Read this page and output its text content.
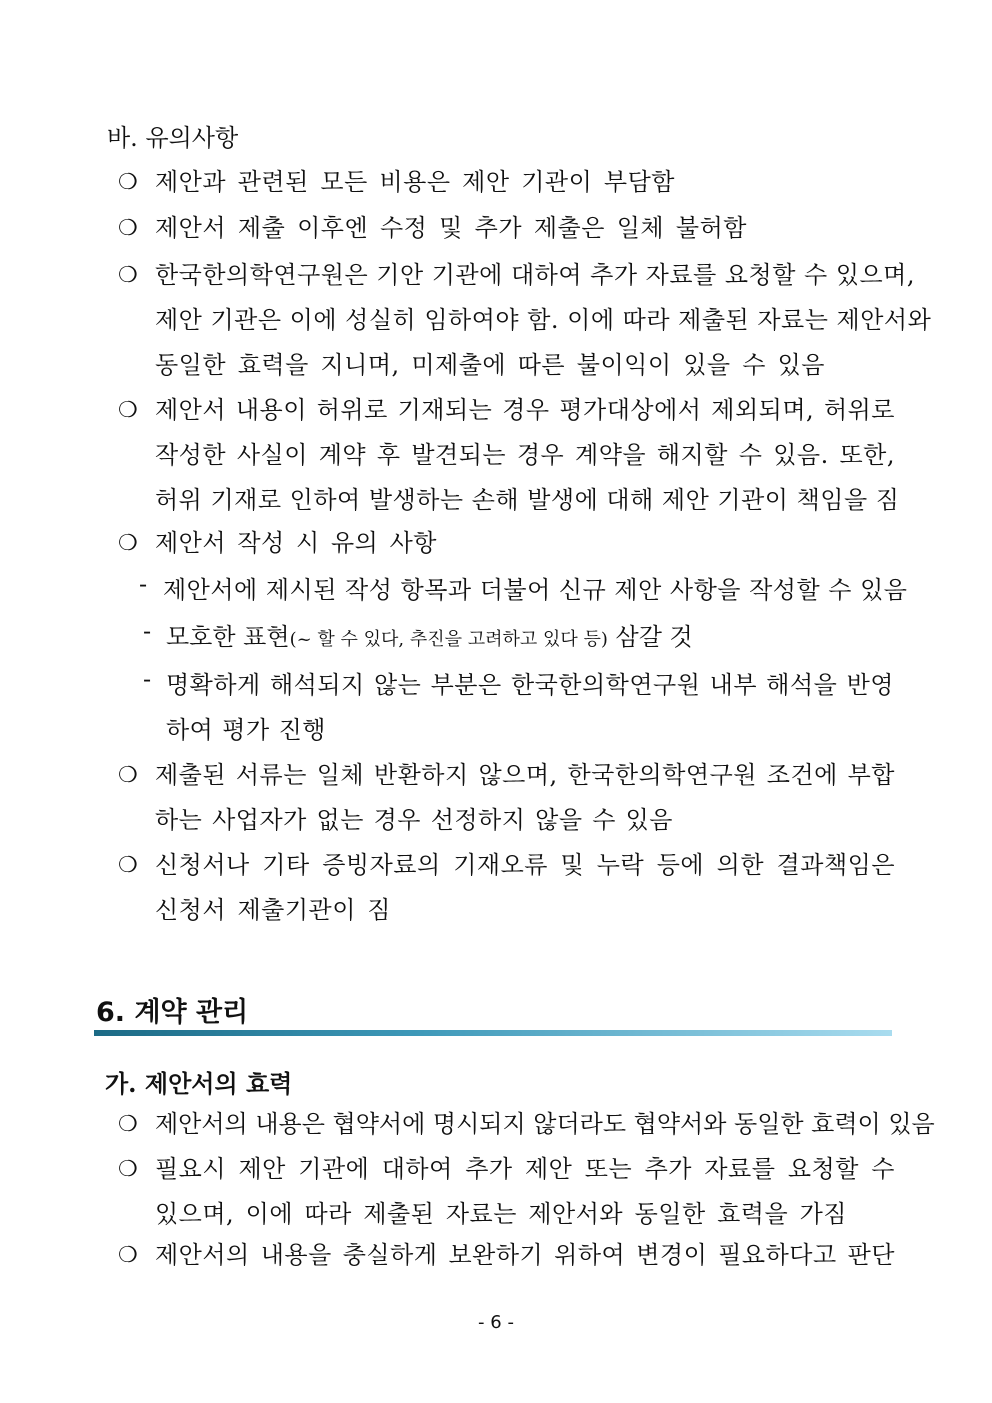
바. 유의사항
❍ 제안과 관련된 모든 비용은 제안 기관이 부담함
❍ 제안서 제출 이후엔 수정 및 추가 제출은 일체 불허함
❍ 한국한의학연구원은 기안 기관에 대하여 추가 자료를 요청할 수 있으며,
제안 기관은 이에 성실히 임하여야 함. 이에 따라 제출된 자료는 제안서와
동일한 효력을 지니며, 미제출에 따른 불이익이 있을 수 있음
❍ 제안서 내용이 허위로 기재되는 경우 평가대상에서 제외되며, 허위로
작성한 사실이 계약 후 발견되는 경우 계약을 해지할 수 있음. 또한,
허위 기재로 인하여 발생하는 손해 발생에 대해 제안 기관이 책임을 짐
❍ 제안서 작성 시 유의 사항
- 제안서에 제시된 작성 항목과 더불어 신규 제안 사항을 작성할 수 있음
- 모호한 표현(~ 할 수 있다, 추진을 고려하고 있다 등) 삼갈 것
- 명확하게 해석되지 않는 부분은 한국한의학연구원 내부 해석을 반영
하여 평가 진행
❍ 제출된 서류는 일체 반환하지 않으며, 한국한의학연구원 조건에 부합
하는 사업자가 없는 경우 선정하지 않을 수 있음
❍ 신청서나 기타 증빙자료의 기재오류 및 누락 등에 의한 결과책임은
신청서 제출기관이 짐
6. 계약 관리
가. 제안서의 효력
❍ 제안서의 내용은 협약서에 명시되지 않더라도 협약서와 동일한 효력이 있음
❍ 필요시 제안 기관에 대하여 추가 제안 또는 추가 자료를 요청할 수
있으며, 이에 따라 제출된 자료는 제안서와 동일한 효력을 가짐
❍ 제안서의 내용을 충실하게 보완하기 위하여 변경이 필요하다고 판단
- 6 -
